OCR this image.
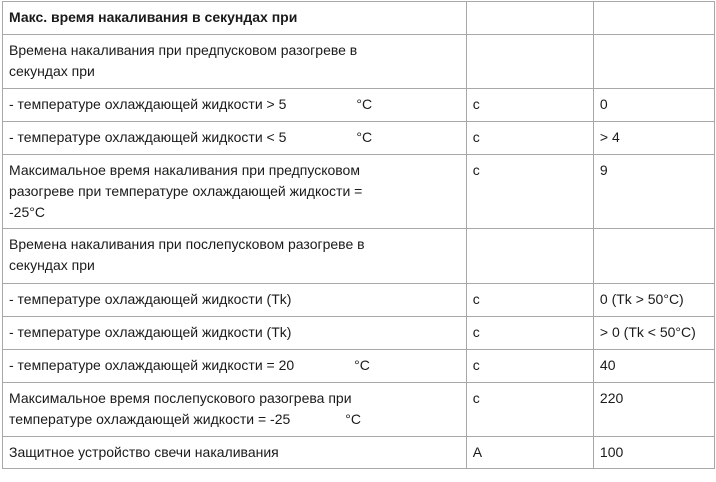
Макс. время накаливания в секундах при		
Времена накаливания при предпусковом разогреве в секундах при		
- температуре охлаждающей жидкости > 5 °С	с	0
- температуре охлаждающей жидкости < 5 °С	с	> 4
Максимальное время накаливания при предпусковом разогреве при температуре охлаждающей жидкости = -25°С	с	9
Времена накаливания при послепусковом разогреве в секундах при		
- температуре охлаждающей жидкости (Tk)	с	0 (Tk > 50°С)
- температуре охлаждающей жидкости (Tk)	с	> 0 (Tk < 50°С)
- температуре охлаждающей жидкости = 20 °С	с	40
Максимальное время послепускового разогрева при температуре охлаждающей жидкости = -25 °С	с	220
Защитное устройство свечи накаливания	А	100
